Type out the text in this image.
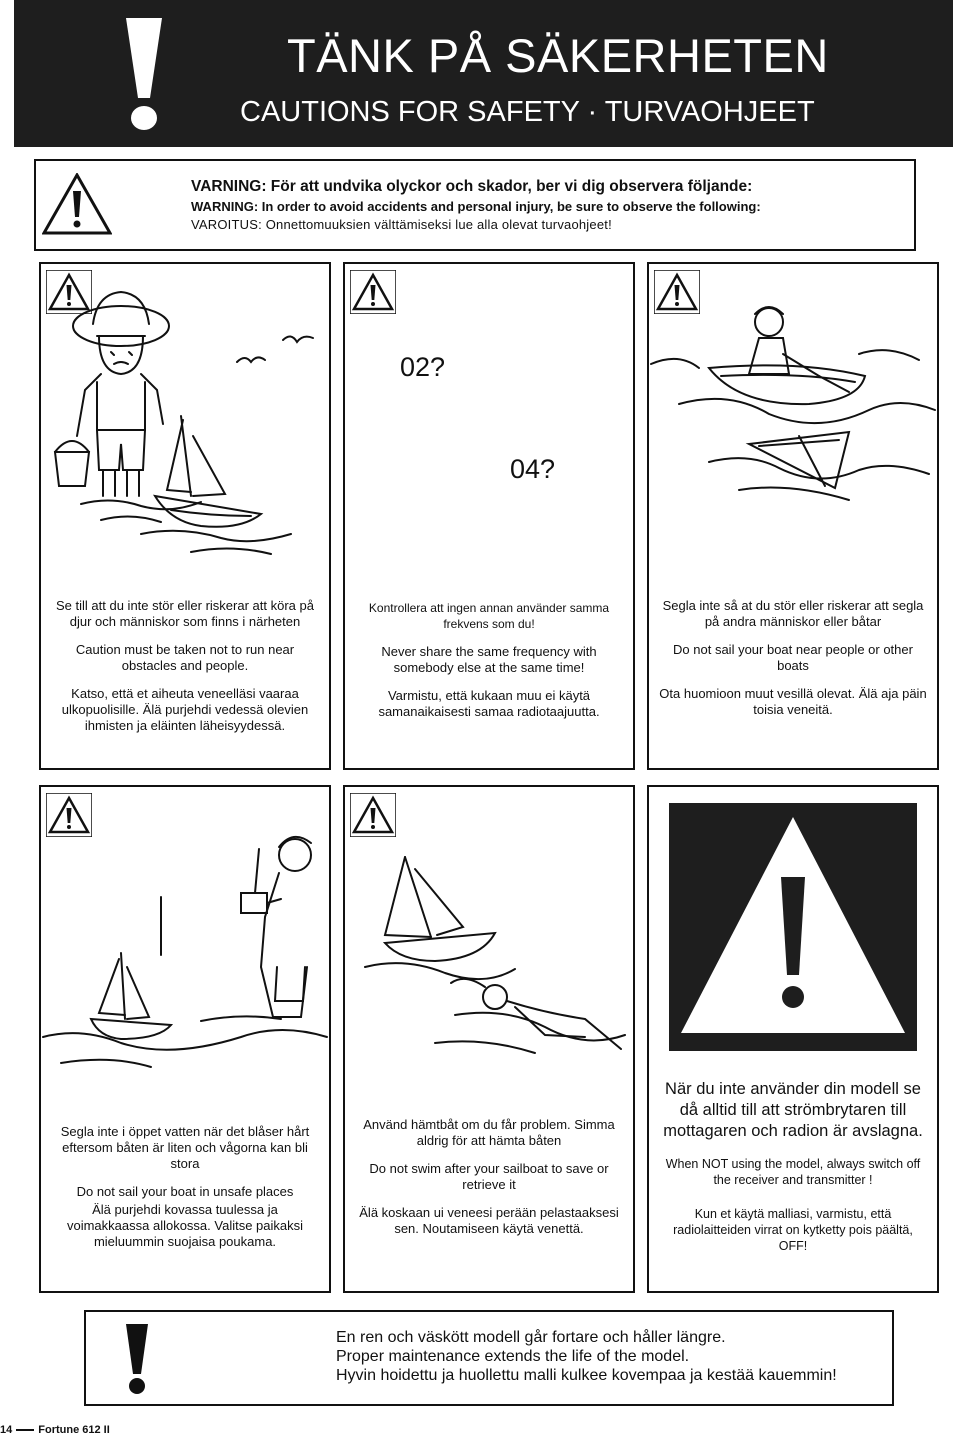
TÄNK PÅ SÄKERHETEN
CAUTIONS FOR SAFETY · TURVAOHJEET
VARNING: För att undvika olyckor och skador, ber vi dig observera följande:
WARNING: In order to avoid accidents and personal injury, be sure to observe the following:
VAROITUS: Onnettomuuksien välttämiseksi lue alla olevat turvaohjeet!

Se till att du inte stör eller riskerar att köra på djur och människor som finns i närheten

Caution must be taken not to run near obstacles and people.

Katso, että et aiheuta veneelläsi vaaraa ulkopuolisille. Älä purjehdi vedessä olevien ihmisten ja eläinten läheisyydessä.

02?
04?

Kontrollera att ingen annan använder samma frekvens som du!

Never share the same frequency with somebody else at the same time!

Varmistu, että kukaan muu ei käytä samanaikaisesti samaa radiotaajuutta.

Segla inte så at du stör eller riskerar att segla på andra människor eller båtar

Do not sail your boat near people or other boats

Ota huomioon muut vesillä olevat. Älä aja päin toisia veneitä.

Segla inte i öppet vatten när det blåser hårt eftersom båten är liten och vågorna kan bli stora

Do not sail your boat in unsafe places

Älä purjehdi kovassa tuulessa ja voimakkaassa allokossa. Valitse paikaksi mieluummin suojaisa poukama.

Använd hämtbåt om du får problem. Simma aldrig för att hämta båten

Do not swim after your sailboat to save or retrieve it

Älä koskaan ui veneesi perään pelastaaksesi sen. Noutamiseen käytä venettä.

När du inte använder din modell se då alltid till att strömbrytaren till mottagaren och radion är avslagna.

When NOT using the model, always switch off the receiver and transmitter !

Kun et käytä malliasi, varmistu, että radiolaitteiden virrat on kytketty pois päältä, OFF!

En ren och väskött modell går fortare och håller längre.
Proper maintenance extends the life of the model.
Hyvin hoidettu ja huollettu malli kulkee kovempaa ja kestää kauemmin!
14 Fortune 612 II
